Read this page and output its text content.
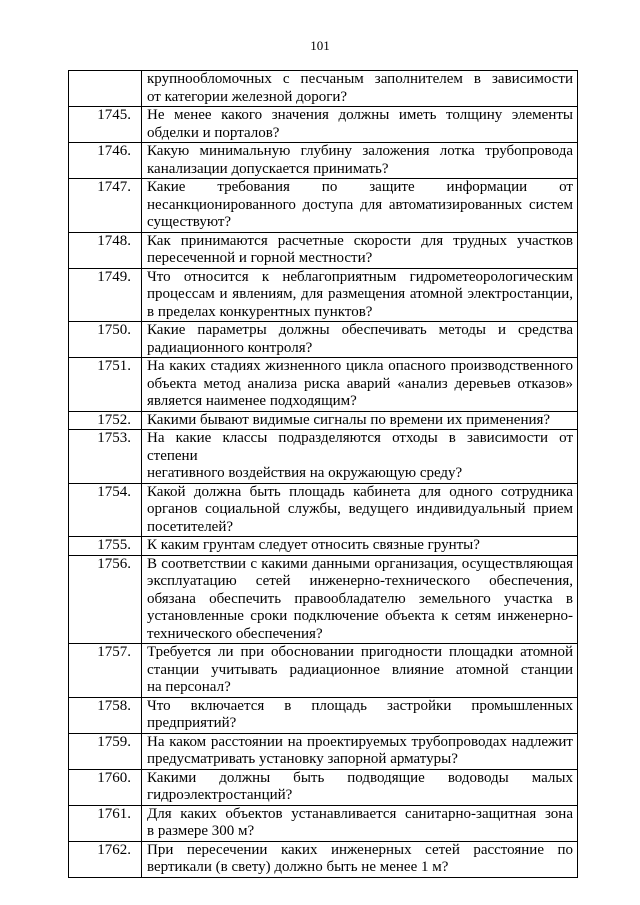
101

	крупнообломочных с песчаным заполнителем в зависимости
от категории железной дороги?

1745.	Не менее какого значения должны иметь толщину элементы
обделки и порталов?

1746.	Какую минимальную глубину заложения лотка трубопровода
канализации допускается принимать?

1747.	Какие требования по защите информации от
несанкционированного доступа для автоматизированных систем
существуют?

1748.	Как принимаются расчетные скорости для трудных участков
пересеченной и горной местности?

1749.	Что относится к неблагоприятным гидрометеорологическим
процессам и явлениям, для размещения атомной электростанции,
в пределах конкурентных пунктов?

1750.	Какие параметры должны обеспечивать методы и средства
радиационного контроля?

1751.	На каких стадиях жизненного цикла опасного производственного
объекта метод анализа риска аварий «анализ деревьев отказов»
является наименее подходящим?

1752.	Какими бывают видимые сигналы по времени их применения?

1753.	На какие классы подразделяются отходы в зависимости от степени
негативного воздействия на окружающую среду?

1754.	Какой должна быть площадь кабинета для одного сотрудника
органов социальной службы, ведущего индивидуальный прием
посетителей?

1755.	К каким грунтам следует относить связные грунты?

1756.	В соответствии с какими данными организация, осуществляющая
эксплуатацию сетей инженерно-технического обеспечения,
обязана обеспечить правообладателю земельного участка в
установленные сроки подключение объекта к сетям инженерно-
технического обеспечения?

1757.	Требуется ли при обосновании пригодности площадки атомной
станции учитывать радиационное влияние атомной станции
на персонал?

1758.	Что включается в площадь застройки промышленных
предприятий?

1759.	На каком расстоянии на проектируемых трубопроводах надлежит
предусматривать установку запорной арматуры?

1760.	Какими должны быть подводящие водоводы малых
гидроэлектростанций?

1761.	Для каких объектов устанавливается санитарно-защитная зона
в размере 300 м?

1762.	При пересечении каких инженерных сетей расстояние по
вертикали (в свету) должно быть не менее 1 м?
